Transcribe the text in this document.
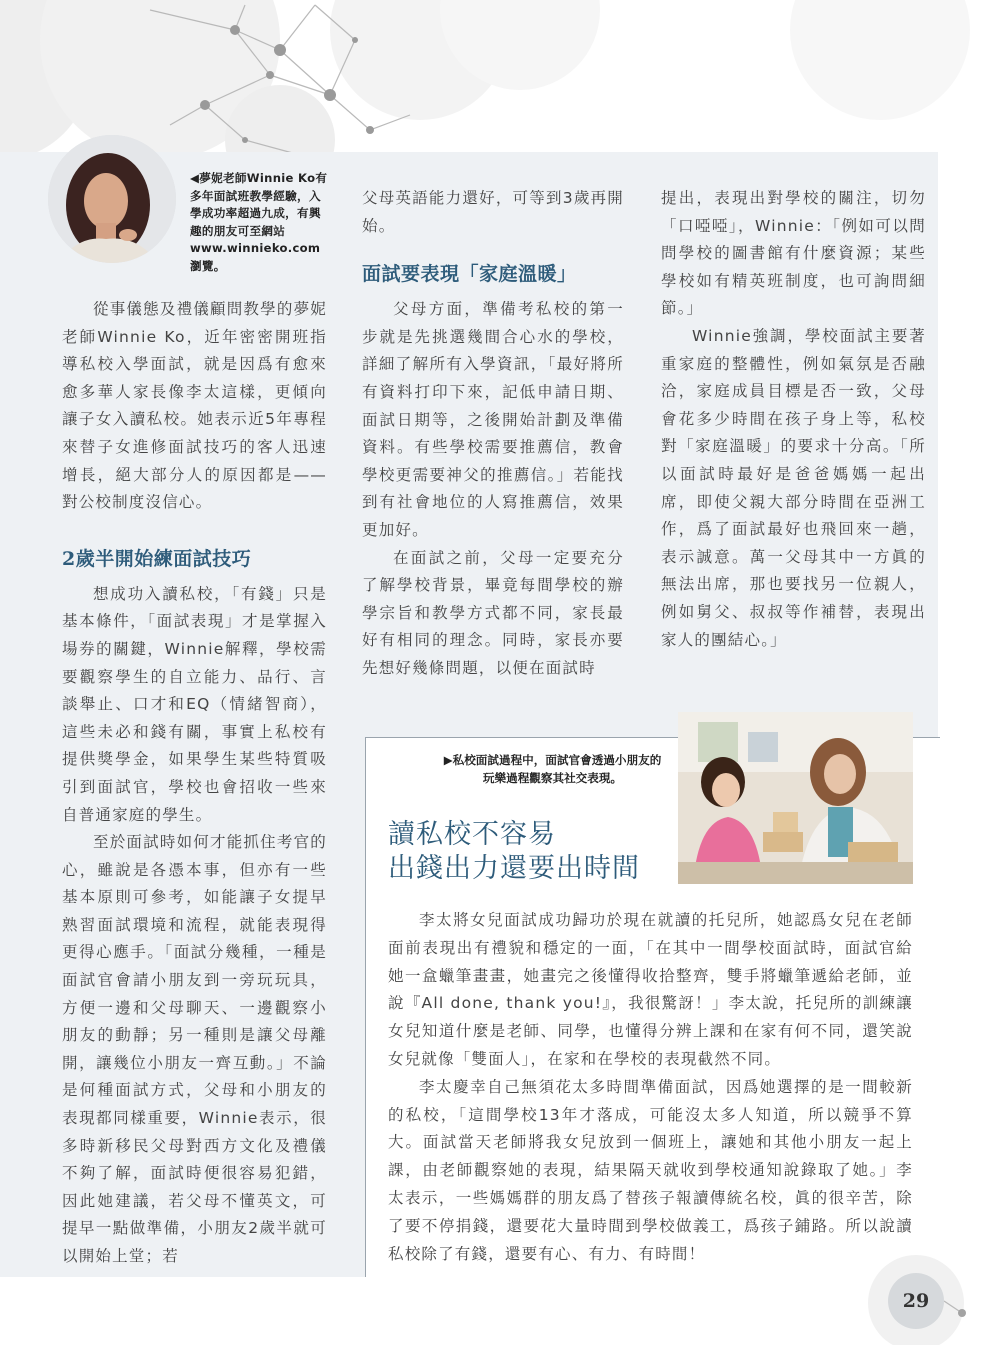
◀夢妮老師Winnie Ko有多年面試班教學經驗，入學成功率超過九成，有興趣的朋友可至網站www.winnieko.com瀏覽。

從事儀態及禮儀顧問教學的夢妮老師Winnie Ko，近年密密開班指導私校入學面試，就是因爲有愈來愈多華人家長像李太這樣，更傾向讓子女入讀私校。她表示近5年專程來替子女進修面試技巧的客人迅速增長，絕大部分人的原因都是——對公校制度沒信心。

2歲半開始練面試技巧

想成功入讀私校，「有錢」只是基本條件，「面試表現」才是掌握入場券的關鍵，Winnie解釋，學校需要觀察學生的自立能力、品行、言談舉止、口才和EQ（情緒智商），這些未必和錢有關，事實上私校有提供獎學金，如果學生某些特質吸引到面試官，學校也會招收一些來自普通家庭的學生。

至於面試時如何才能抓住考官的心，雖說是各憑本事，但亦有一些基本原則可參考，如能讓子女提早熟習面試環境和流程，就能表現得更得心應手。「面試分幾種，一種是面試官會請小朋友到一旁玩玩具，方便一邊和父母聊天、一邊觀察小朋友的動靜；另一種則是讓父母離開，讓幾位小朋友一齊互動。」不論是何種面試方式，父母和小朋友的表現都同樣重要，Winnie表示，很多時新移民父母對西方文化及禮儀不夠了解，面試時便很容易犯錯，因此她建議，若父母不懂英文，可提早一點做準備，小朋友2歲半就可以開始上堂；若

父母英語能力還好，可等到3歲再開始。

面試要表現「家庭溫暖」

父母方面，準備考私校的第一步就是先挑選幾間合心水的學校，詳細了解所有入學資訊，「最好將所有資料打印下來，記低申請日期、面試日期等，之後開始計劃及準備資料。有些學校需要推薦信，教會學校更需要神父的推薦信。」若能找到有社會地位的人寫推薦信，效果更加好。

在面試之前，父母一定要充分了解學校背景，畢竟每間學校的辦學宗旨和教學方式都不同，家長最好有相同的理念。同時，家長亦要先想好幾條問題，以便在面試時

提出，表現出對學校的關注，切勿「口啞啞」，Winnie：「例如可以問問學校的圖書館有什麼資源；某些學校如有精英班制度，也可詢問細節。」

Winnie強調，學校面試主要著重家庭的整體性，例如氣氛是否融洽，家庭成員目標是否一致，父母會花多少時間在孩子身上等，私校對「家庭溫暖」的要求十分高。「所以面試時最好是爸爸媽媽一起出席，即使父親大部分時間在亞洲工作，爲了面試最好也飛回來一趟，表示誠意。萬一父母其中一方眞的無法出席，那也要找另一位親人，例如舅父、叔叔等作補替，表現出家人的團結心。」

▶私校面試過程中，面試官會透過小朋友的玩樂過程觀察其社交表現。
讀私校不容易
出錢出力還要出時間

李太將女兒面試成功歸功於現在就讀的托兒所，她認爲女兒在老師面前表現出有禮貌和穩定的一面，「在其中一間學校面試時，面試官給她一盒蠟筆畫畫，她畫完之後懂得收拾整齊，雙手將蠟筆遞給老師，並說『All done, thank you!』，我很驚訝！」李太說，托兒所的訓練讓女兒知道什麼是老師、同學，也懂得分辨上課和在家有何不同，還笑說女兒就像「雙面人」，在家和在學校的表現截然不同。

李太慶幸自己無須花太多時間準備面試，因爲她選擇的是一間較新的私校，「這間學校13年才落成，可能沒太多人知道，所以競爭不算大。面試當天老師將我女兒放到一個班上，讓她和其他小朋友一起上課，由老師觀察她的表現，結果隔天就收到學校通知說錄取了她。」李太表示，一些媽媽群的朋友爲了替孩子報讀傳統名校，眞的很辛苦，除了要不停捐錢，還要花大量時間到學校做義工，爲孩子鋪路。所以說讀私校除了有錢，還要有心、有力、有時間！

29
